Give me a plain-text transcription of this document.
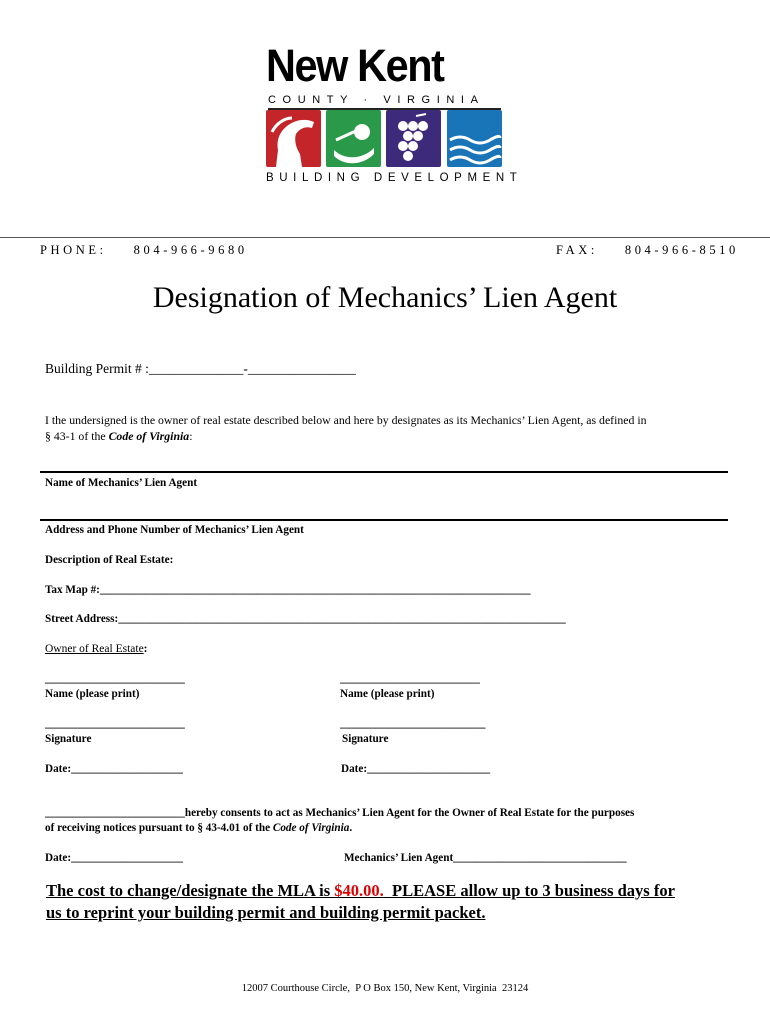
New Kent
COUNTY · VIRGINIA
BUILDING DEVELOPMENT
PHONE: 804-966-9680	FAX: 804-966-8510
Designation of Mechanics’ Lien Agent
Building Permit # :______________-________________
I the undersigned is the owner of real estate described below and here by designates as its Mechanics’ Lien Agent, as defined in
§ 43-1 of the Code of Virginia:
Name of Mechanics’ Lien Agent
Address and Phone Number of Mechanics’ Lien Agent
Description of Real Estate:
Tax Map #:_____________________________________________________________________________
Street Address:________________________________________________________________________________
Owner of Real Estate:
_________________________	_________________________
Name (please print)	Name (please print)
_________________________	__________________________
Signature	Signature
Date:____________________	Date:______________________
_________________________hereby consents to act as Mechanics’ Lien Agent for the Owner of Real Estate for the purposes
of receiving notices pursuant to § 43-4.01 of the Code of Virginia.
Date:____________________	Mechanics’ Lien Agent_______________________________
The cost to change/designate the MLA is $40.00.  PLEASE allow up to 3 business days for
us to reprint your building permit and building permit packet.
12007 Courthouse Circle,  P O Box 150, New Kent, Virginia  23124
